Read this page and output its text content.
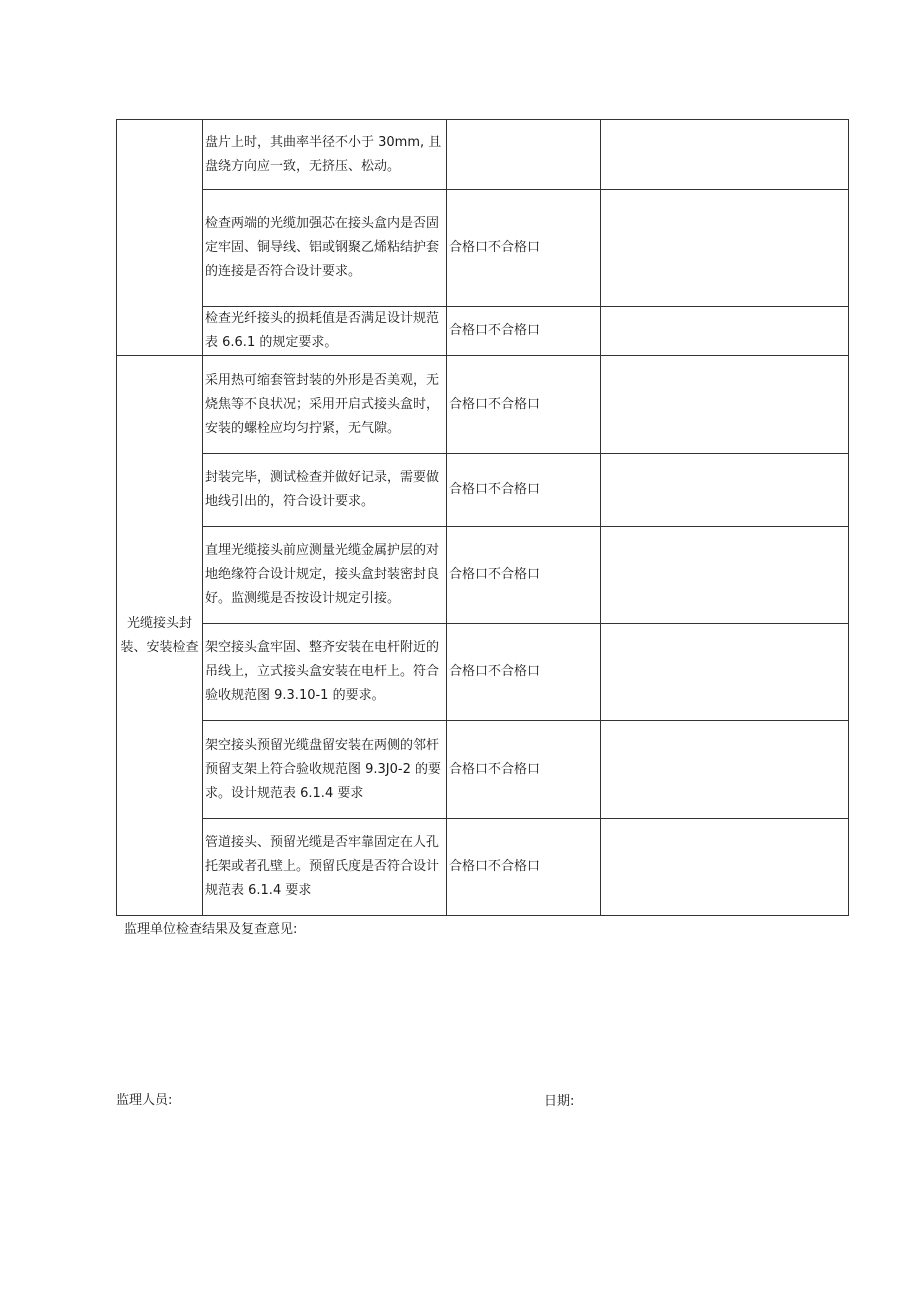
	盘片上时，其曲率半径不小于 30mm, 且盘绕方向应一致，无挤压、松动。		

	检查两端的光缆加强芯在接头盒内是否固定牢固、铜导线、铝或钢聚乙烯粘结护套的连接是否符合设计要求。	合格口不合格口	

	检查光纤接头的损耗值是否满足设计规范表 6.6.1 的规定要求。	合格口不合格口	
光缆接头封装、安装检查	采用热可缩套管封装的外形是否美观，无烧焦等不良状况；采用开启式接头盒时，安装的螺栓应均匀拧紧，无气隙。	合格口不合格口	

	封装完毕，测试检查并做好记录，需要做地线引出的，符合设计要求。	合格口不合格口	

	直埋光缆接头前应测量光缆金属护层的对地绝缘符合设计规定，接头盒封装密封良好。监测缆是否按设计规定引接。	合格口不合格口	

	架空接头盒牢固、整齐安装在电杆附近的吊线上，立式接头盒安装在电杆上。符合验收规范图 9.3.10-1 的要求。	合格口不合格口	

	架空接头预留光缆盘留安装在两侧的邻杆预留支架上符合验收规范图 9.3J0-2 的要求。设计规范表 6.1.4 要求	合格口不合格口	

	管道接头、预留光缆是否牢靠固定在人孔托架或者孔壁上。预留氏度是否符合设计规范表 6.1.4 要求	合格口不合格口	
监理单位检查结果及复查意见:
监理人员:	日期:
